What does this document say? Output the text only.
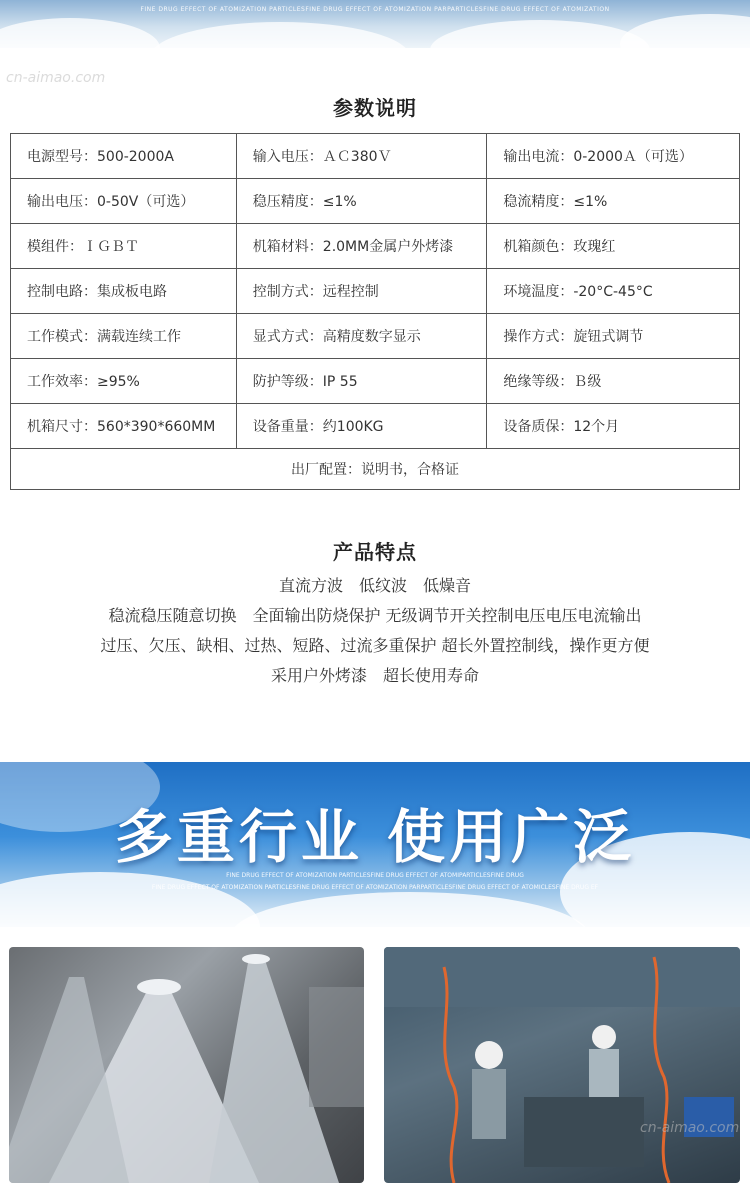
FINE DRUG EFFECT OF ATOMIZATION PARTICLESFINE DRUG EFFECT OF ATOMIZATION PARPARTICLESFINE DRUG EFFECT OF ATOMIZATION
cn-aimao.com
参数说明
电源型号：500-2000A	输入电压：ＡＣ380Ｖ	输出电流：0-2000Ａ（可选）
输出电压：0-50V（可选）	稳压精度：≤1%	稳流精度：≤1%
模组件：ＩＧＢＴ	机箱材料：2.0MM金属户外烤漆	机箱颜色：玫瑰红
控制电路：集成板电路	控制方式：远程控制	环境温度：-20°C-45°C
工作模式：满载连续工作	显式方式：高精度数字显示	操作方式：旋钮式调节
工作效率：≥95%	防护等级：IP 55	绝缘等级：Ｂ级
机箱尺寸：560*390*660MM	设备重量：约100KG	设备质保：12个月
出厂配置：说明书，合格证		
产品特点
直流方波　低纹波　低燥音
稳流稳压随意切换　全面输出防烧保护 无级调节开关控制电压电压电流输出
过压、欠压、缺相、过热、短路、过流多重保护 超长外置控制线，操作更方便
采用户外烤漆　超长使用寿命
多重行业 使用广泛
FINE DRUG EFFECT OF ATOMIZATION PARTICLESFINE DRUG EFFECT OF ATOMIPARTICLESFINE DRUG
FINE DRUG EFFECT OF ATOMIZATION PARTICLESFINE DRUG EFFECT OF ATOMIZATION PARPARTICLESFINE DRUG EFFECT OF ATOMICLESFINE DRUG EF
cn-aimao.com
